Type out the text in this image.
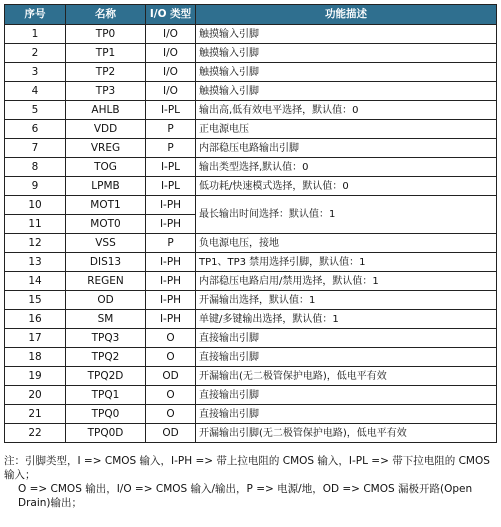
序号	名称	I/O 类型	功能描述
1	TP0	I/O	触摸输入引脚
2	TP1	I/O	触摸输入引脚
3	TP2	I/O	触摸输入引脚
4	TP3	I/O	触摸输入引脚
5	AHLB	I-PL	输出高,低有效电平选择，默认值：0
6	VDD	P	正电源电压
7	VREG	P	内部稳压电路输出引脚
8	TOG	I-PL	输出类型选择,默认值：0
9	LPMB	I-PL	低功耗/快速模式选择，默认值：0
10	MOT1	I-PH	最长输出时间选择：默认值：1
11	MOT0	I-PH	
12	VSS	P	负电源电压，接地
13	DIS13	I-PH	TP1、TP3 禁用选择引脚，默认值：1
14	REGEN	I-PH	内部稳压电路启用/禁用选择，默认值：1
15	OD	I-PH	开漏输出选择，默认值：1
16	SM	I-PH	单键/多键输出选择，默认值：1
17	TPQ3	O	直接输出引脚
18	TPQ2	O	直接输出引脚
19	TPQ2D	OD	开漏输出(无二极管保护电路)，低电平有效
20	TPQ1	O	直接输出引脚
21	TPQ0	O	直接输出引脚
22	TPQ0D	OD	开漏输出引脚(无二极管保护电路)，低电平有效

注：引脚类型，I => CMOS 输入，I-PH => 带上拉电阻的 CMOS 输入，I-PL => 带下拉电阻的 CMOS 输入；

O => CMOS 输出，I/O => CMOS 输入/输出，P => 电源/地，OD => CMOS 漏极开路(Open Drain)输出；
